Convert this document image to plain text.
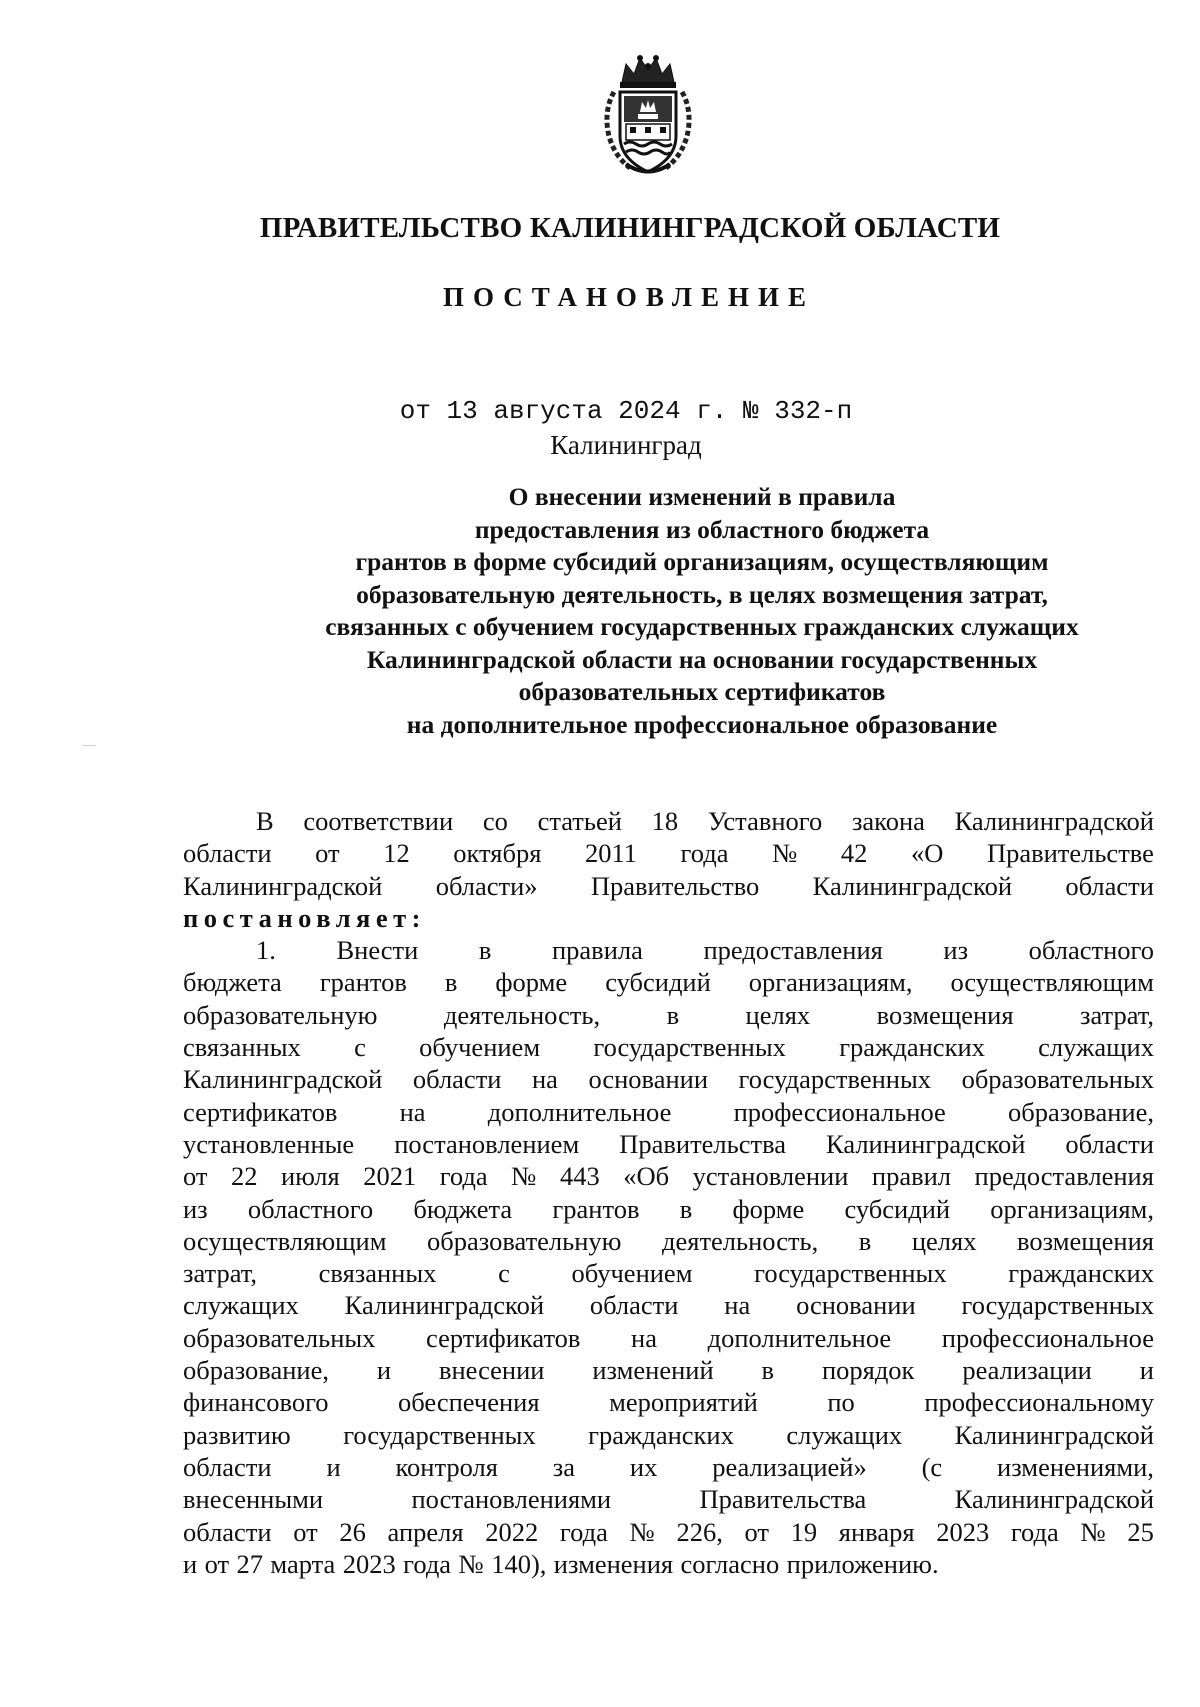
ПРАВИТЕЛЬСТВО КАЛИНИНГРАДСКОЙ ОБЛАСТИ
ПОСТАНОВЛЕНИЕ
от 13 августа 2024 г. № 332-п
Калининград
О внесении изменений в правила
предоставления из областного бюджета
грантов в форме субсидий организациям, осуществляющим
образовательную деятельность, в целях возмещения затрат,
связанных с обучением государственных гражданских служащих
Калининградской области на основании государственных
образовательных сертификатов
на дополнительное профессиональное образование
В соответствии со статьей 18 Уставного закона Калининградской
области от 12 октября 2011 года № 42 «О Правительстве
Калининградской области» Правительство Калининградской области
постановляет:
1. Внести в правила предоставления из областного
бюджета грантов в форме субсидий организациям, осуществляющим
образовательную	деятельность,	в	целях	возмещения	затрат,
связанных с обучением государственных гражданских служащих
Калининградской области на основании государственных образовательных
сертификатов на дополнительное профессиональное образование,
установленные постановлением Правительства Калининградской области
от 22 июля 2021 года № 443 «Об установлении правил предоставления
из областного бюджета грантов в форме субсидий организациям,
осуществляющим образовательную деятельность, в целях возмещения
затрат, связанных с обучением государственных гражданских
служащих Калининградской области на основании государственных
образовательных сертификатов на дополнительное профессиональное
образование, и внесении изменений в порядок реализации и
финансового	обеспечения	мероприятий	по	профессиональному
развитию государственных гражданских служащих Калининградской
области и контроля за их реализацией» (с изменениями,
внесенными	постановлениями	Правительства	Калининградской
области от 26 апреля 2022 года № 226, от 19 января 2023 года № 25
и от 27 марта 2023 года № 140), изменения согласно приложению.
